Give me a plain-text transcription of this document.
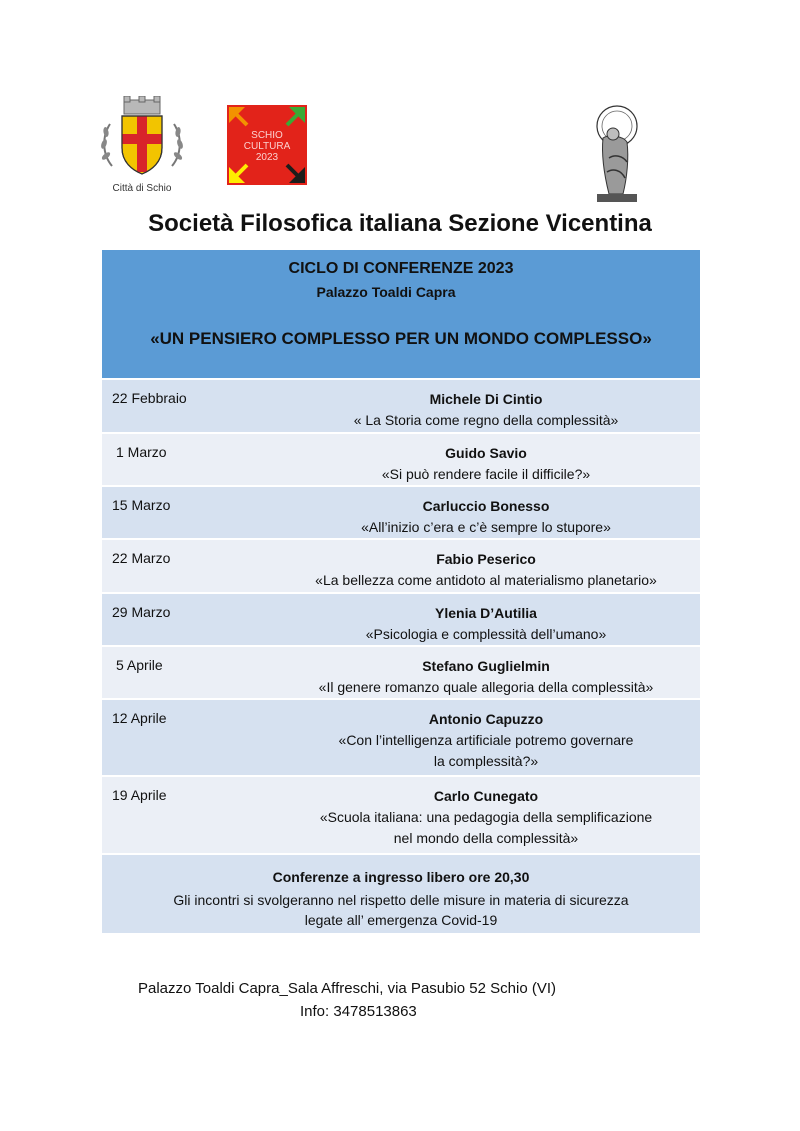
Città di Schio
SCHIO
CULTURA
2023
Società Filosofica italiana Sezione Vicentina
CICLO DI CONFERENZE 2023
Palazzo Toaldi Capra
«UN PENSIERO COMPLESSO PER UN MONDO COMPLESSO»
22 Febbraio	Michele Di Cintio
« La Storia come regno della complessità»
1 Marzo	Guido Savio
«Si può rendere facile il difficile?»
15 Marzo	Carluccio Bonesso
«All’inizio c’era e c’è sempre lo stupore»
22 Marzo	Fabio Peserico
«La bellezza come antidoto al materialismo planetario»
29 Marzo	Ylenia D’Autilia
«Psicologia e complessità dell’umano»
5 Aprile	Stefano Guglielmin
«Il genere romanzo quale allegoria della complessità»
12 Aprile	Antonio Capuzzo
«Con l’intelligenza artificiale potremo governare
la complessità?»
19 Aprile	Carlo Cunegato
«Scuola italiana: una pedagogia della semplificazione
nel mondo della complessità»
Conferenze a ingresso libero ore 20,30
Gli incontri si svolgeranno nel rispetto delle misure in materia di sicurezza
legate all’ emergenza Covid-19
Palazzo Toaldi Capra_Sala Affreschi, via Pasubio 52 Schio (VI)
Info: 3478513863
